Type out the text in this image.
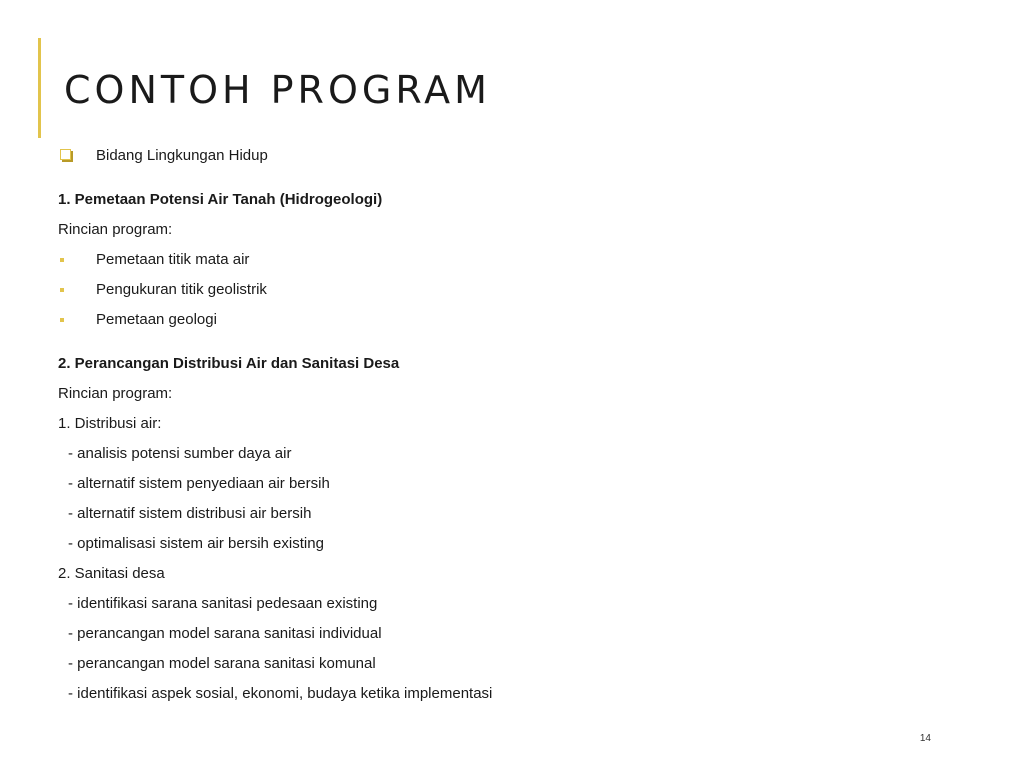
CONTOH PROGRAM
Bidang Lingkungan Hidup
1. Pemetaan Potensi Air Tanah (Hidrogeologi)
Rincian program:
Pemetaan titik mata air
Pengukuran titik geolistrik
Pemetaan geologi
2. Perancangan Distribusi Air dan Sanitasi Desa
Rincian program:
1. Distribusi air:
- analisis potensi sumber daya air
- alternatif sistem penyediaan air bersih
- alternatif sistem distribusi air bersih
- optimalisasi sistem air bersih existing
2. Sanitasi desa
- identifikasi sarana sanitasi pedesaan existing
- perancangan model sarana sanitasi individual
- perancangan model sarana sanitasi komunal
- identifikasi aspek sosial, ekonomi, budaya ketika implementasi
14
